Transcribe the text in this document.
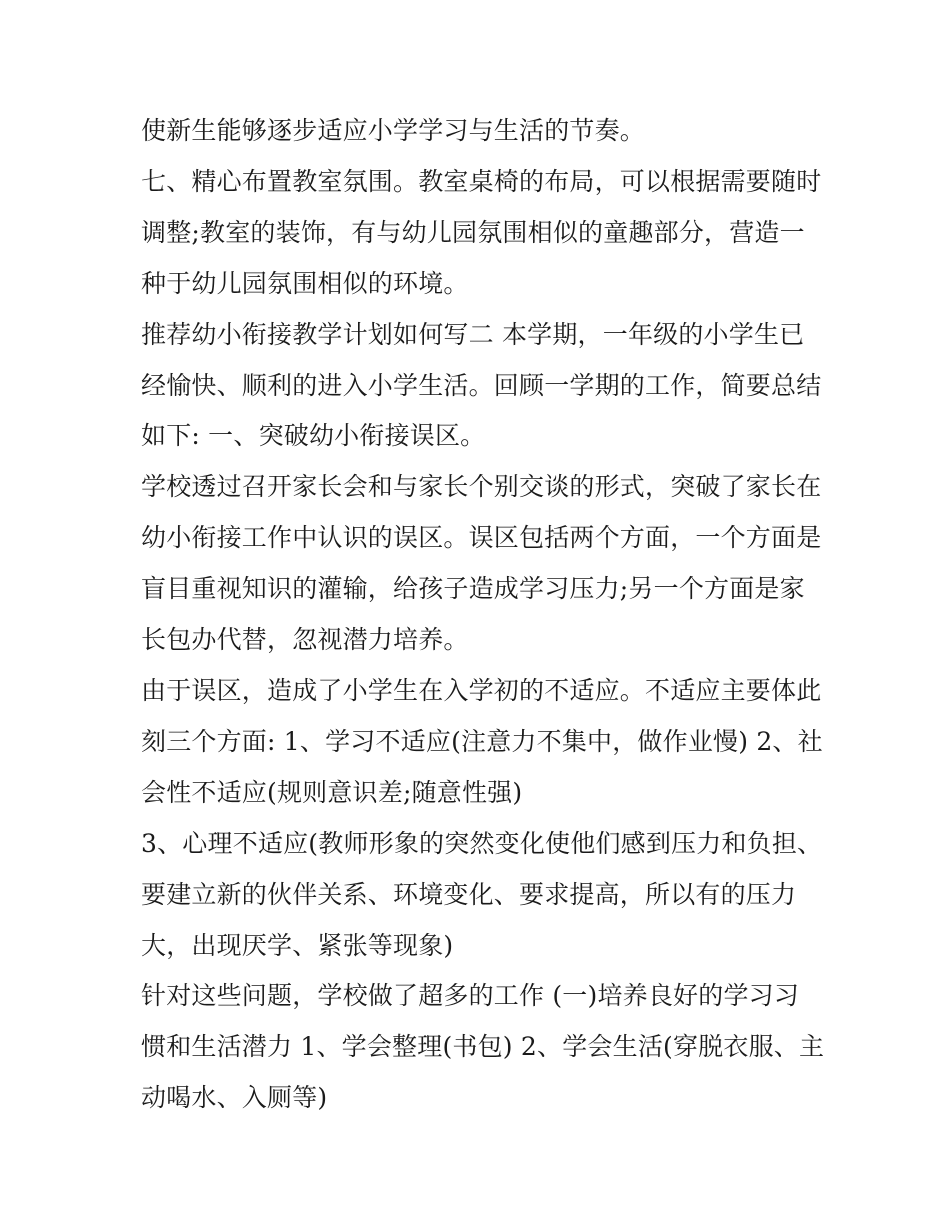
使新生能够逐步适应小学学习与生活的节奏。
七、精心布置教室氛围。教室桌椅的布局，可以根据需要随时
调整;教室的装饰，有与幼儿园氛围相似的童趣部分，营造一
种于幼儿园氛围相似的环境。
推荐幼小衔接教学计划如何写二 本学期，一年级的小学生已
经愉快、顺利的进入小学生活。回顾一学期的工作，简要总结
如下: 一、突破幼小衔接误区。
学校透过召开家长会和与家长个别交谈的形式，突破了家长在
幼小衔接工作中认识的误区。误区包括两个方面，一个方面是
盲目重视知识的灌输，给孩子造成学习压力;另一个方面是家
长包办代替，忽视潜力培养。
由于误区，造成了小学生在入学初的不适应。不适应主要体此
刻三个方面: 1、学习不适应(注意力不集中，做作业慢) 2、社
会性不适应(规则意识差;随意性强)
3、心理不适应(教师形象的突然变化使他们感到压力和负担、
要建立新的伙伴关系、环境变化、要求提高，所以有的压力
大，出现厌学、紧张等现象)
针对这些问题，学校做了超多的工作 (一)培养良好的学习习
惯和生活潜力 1、学会整理(书包) 2、学会生活(穿脱衣服、主
动喝水、入厕等)
